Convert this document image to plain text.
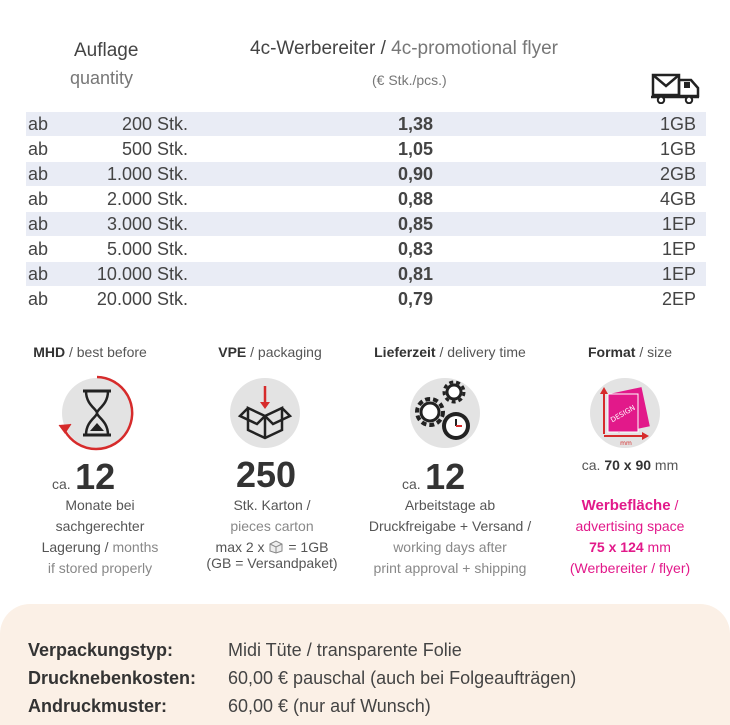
Auflage
quantity
4c-Werbereiter / 4c-promotional flyer
(€ Stk./pcs.)
ab	200 Stk.	1,38	1GB
ab	500 Stk.	1,05	1GB
ab	1.000 Stk.	0,90	2GB
ab	2.000 Stk.	0,88	4GB
ab	3.000 Stk.	0,85	1EP
ab	5.000 Stk.	0,83	1EP
ab	10.000 Stk.	0,81	1EP
ab	20.000 Stk.	0,79	2EP
MHD / best before	VPE / packaging	Lieferzeit / delivery time	Format / size
DESIGN
mm
ca. 12
Monate bei
sachgerechter
Lagerung / months
if stored properly
250
Stk. Karton /
pieces carton
max 2 x = 1GB
(GB = Versandpaket)
ca. 12
Arbeitstage ab
Druckfreigabe + Versand /
working days after
print approval + shipping
ca. 70 x 90 mm
Werbefläche /
advertising space
75 x 124 mm
(Werbereiter / flyer)
Verpackungstyp:	Midi Tüte / transparente Folie
Drucknebenkosten: 60,00 € pauschal (auch bei Folgeaufträgen)
Andruckmuster:	60,00 € (nur auf Wunsch)
